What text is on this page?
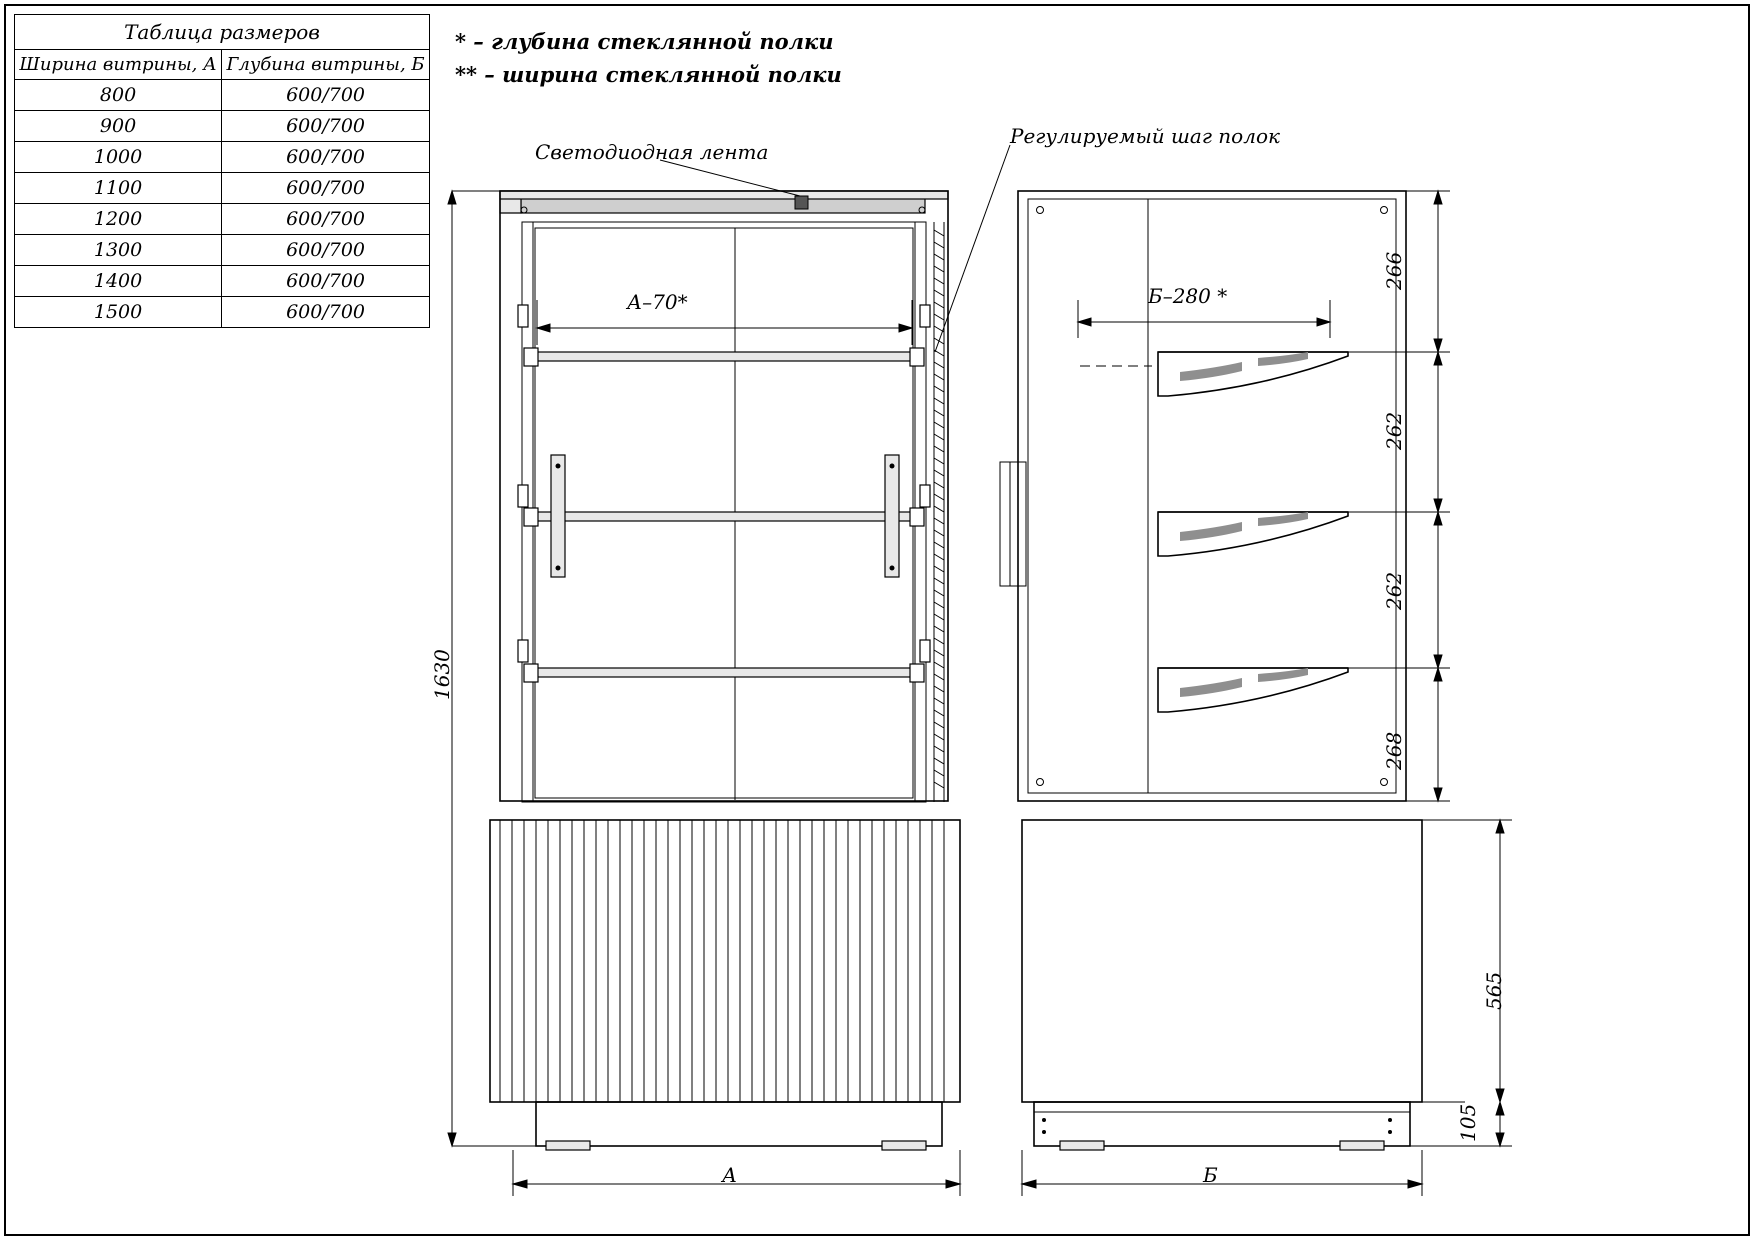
Таблица размеров	
Ширина витрины, А	Глубина витрины, Б
800	600/700
900	600/700
1000	600/700
1100	600/700
1200	600/700
1300	600/700
1400	600/700
1500	600/700
* – глубина стеклянной полки
** – ширина стеклянной полки
Светодиодная лента
Регулируемый шаг полок
А–70*
1630
А
Б–280 *
266
262
262
268
565
105
Б
